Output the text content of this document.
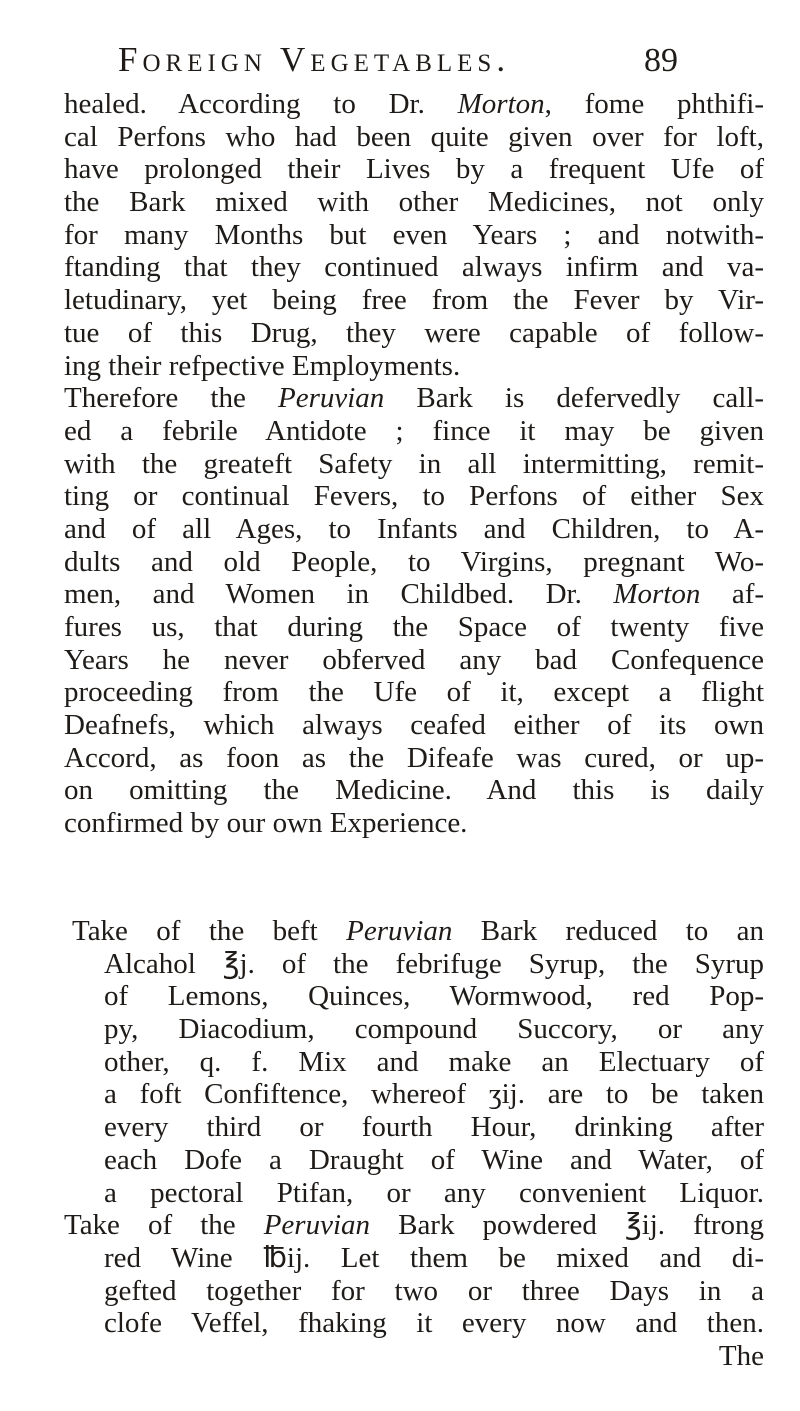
Foreign Vegetables.	89
healed. According to Dr. Morton, fome phthifi-
cal Perfons who had been quite given over for loft,
have prolonged their Lives by a frequent Ufe of
the Bark mixed with other Medicines, not only
for many Months but even Years ; and notwith-
ftanding that they continued always infirm and va-
letudinary, yet being free from the Fever by Vir-
tue of this Drug, they were capable of follow-
ing their refpective Employments.
Therefore the Peruvian Bark is defervedly call-
ed a febrile Antidote ; fince it may be given
with the greateft Safety in all intermitting, remit-
ting or continual Fevers, to Perfons of either Sex
and of all Ages, to Infants and Children, to A-
dults and old People, to Virgins, pregnant Wo-
men, and Women in Childbed. Dr. Morton af-
fures us, that during the Space of twenty five
Years he never obferved any bad Confequence
proceeding from the Ufe of it, except a flight
Deafnefs, which always ceafed either of its own
Accord, as foon as the Difeafe was cured, or up-
on omitting the Medicine. And this is daily
confirmed by our own Experience.
Take of the beft Peruvian Bark reduced to an
Alcahol ℥j. of the febrifuge Syrup, the Syrup
of Lemons, Quinces, Wormwood, red Pop-
py, Diacodium, compound Succory, or any
other, q. f. Mix and make an Electuary of
a foft Confiftence, whereof ʒij. are to be taken
every third or fourth Hour, drinking after
each Dofe a Draught of Wine and Water, of
a pectoral Ptifan, or any convenient Liquor.
Take of the Peruvian Bark powdered ℥ij. ftrong
red Wine ℔ij. Let them be mixed and di-
gefted together for two or three Days in a
clofe Veffel, fhaking it every now and then.
The
